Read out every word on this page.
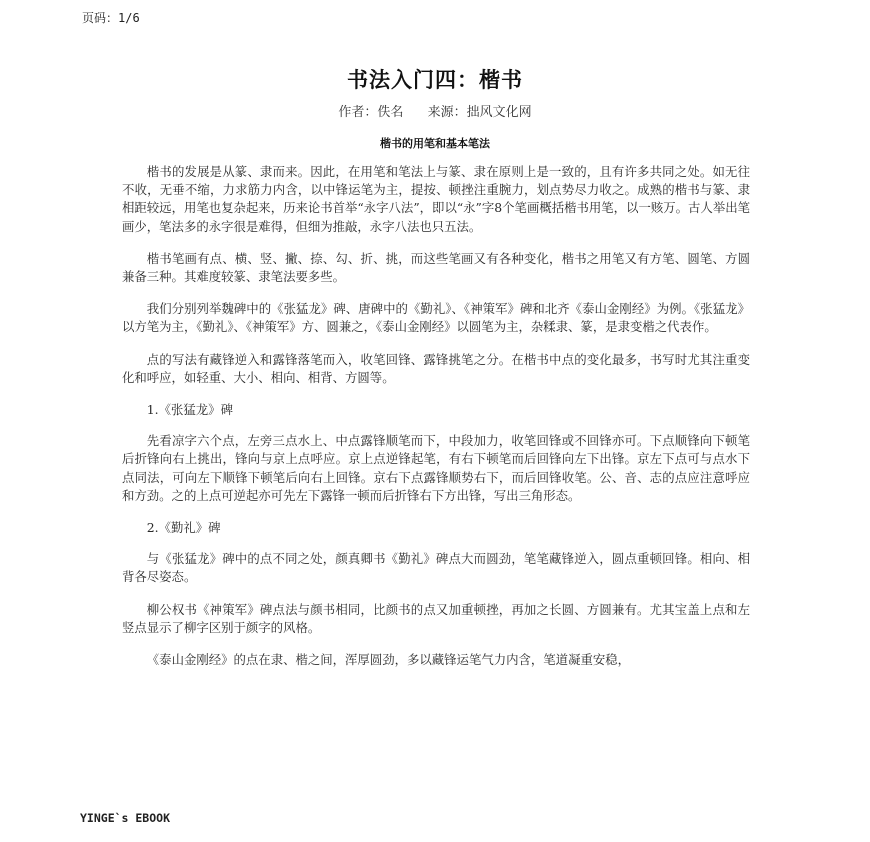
页码：1/6
书法入门四：楷书
作者：佚名 来源：拙风文化网
楷书的用笔和基本笔法

楷书的发展是从篆、隶而来。因此，在用笔和笔法上与篆、隶在原则上是一致的，且有许多共同之处。如无往不收，无垂不缩，力求筋力内含，以中锋运笔为主，提按、顿挫注重腕力，划点势尽力收之。成熟的楷书与篆、隶相距较远，用笔也复杂起来，历来论书首举“永字八法”，即以“永”字8个笔画概括楷书用笔，以一赅万。古人举出笔画少，笔法多的永字很是难得，但细为推敲，永字八法也只五法。

楷书笔画有点、横、竖、撇、捺、勾、折、挑，而这些笔画又有各种变化，楷书之用笔又有方笔、圆笔、方圆兼备三种。其难度较篆、隶笔法要多些。

我们分别列举魏碑中的《张猛龙》碑、唐碑中的《勤礼》、《神策军》碑和北齐《泰山金刚经》为例。《张猛龙》以方笔为主，《勤礼》、《神策军》方、圆兼之，《泰山金刚经》以圆笔为主，杂糅隶、篆，是隶变楷之代表作。

点的写法有藏锋逆入和露锋落笔而入，收笔回锋、露锋挑笔之分。在楷书中点的变化最多，书写时尤其注重变化和呼应，如轻重、大小、相向、相背、方圆等。

1.《张猛龙》碑

先看凉字六个点，左旁三点水上、中点露锋顺笔而下，中段加力，收笔回锋或不回锋亦可。下点顺锋向下顿笔后折锋向右上挑出，锋向与京上点呼应。京上点逆锋起笔，有右下顿笔而后回锋向左下出锋。京左下点可与点水下点同法，可向左下顺锋下顿笔后向右上回锋。京右下点露锋顺势右下，而后回锋收笔。公、音、志的点应注意呼应和方劲。之的上点可逆起亦可先左下露锋一顿而后折锋右下方出锋，写出三角形态。

2.《勤礼》碑

与《张猛龙》碑中的点不同之处，颜真卿书《勤礼》碑点大而圆劲，笔笔藏锋逆入，圆点重顿回锋。相向、相背各尽姿态。

柳公权书《神策军》碑点法与颜书相同，比颜书的点又加重顿挫，再加之长圆、方圆兼有。尤其宝盖上点和左竖点显示了柳字区别于颜字的风格。

《泰山金刚经》的点在隶、楷之间，浑厚圆劲，多以藏锋运笔气力内含，笔道凝重安稳，

YINGE`s EBOOK
